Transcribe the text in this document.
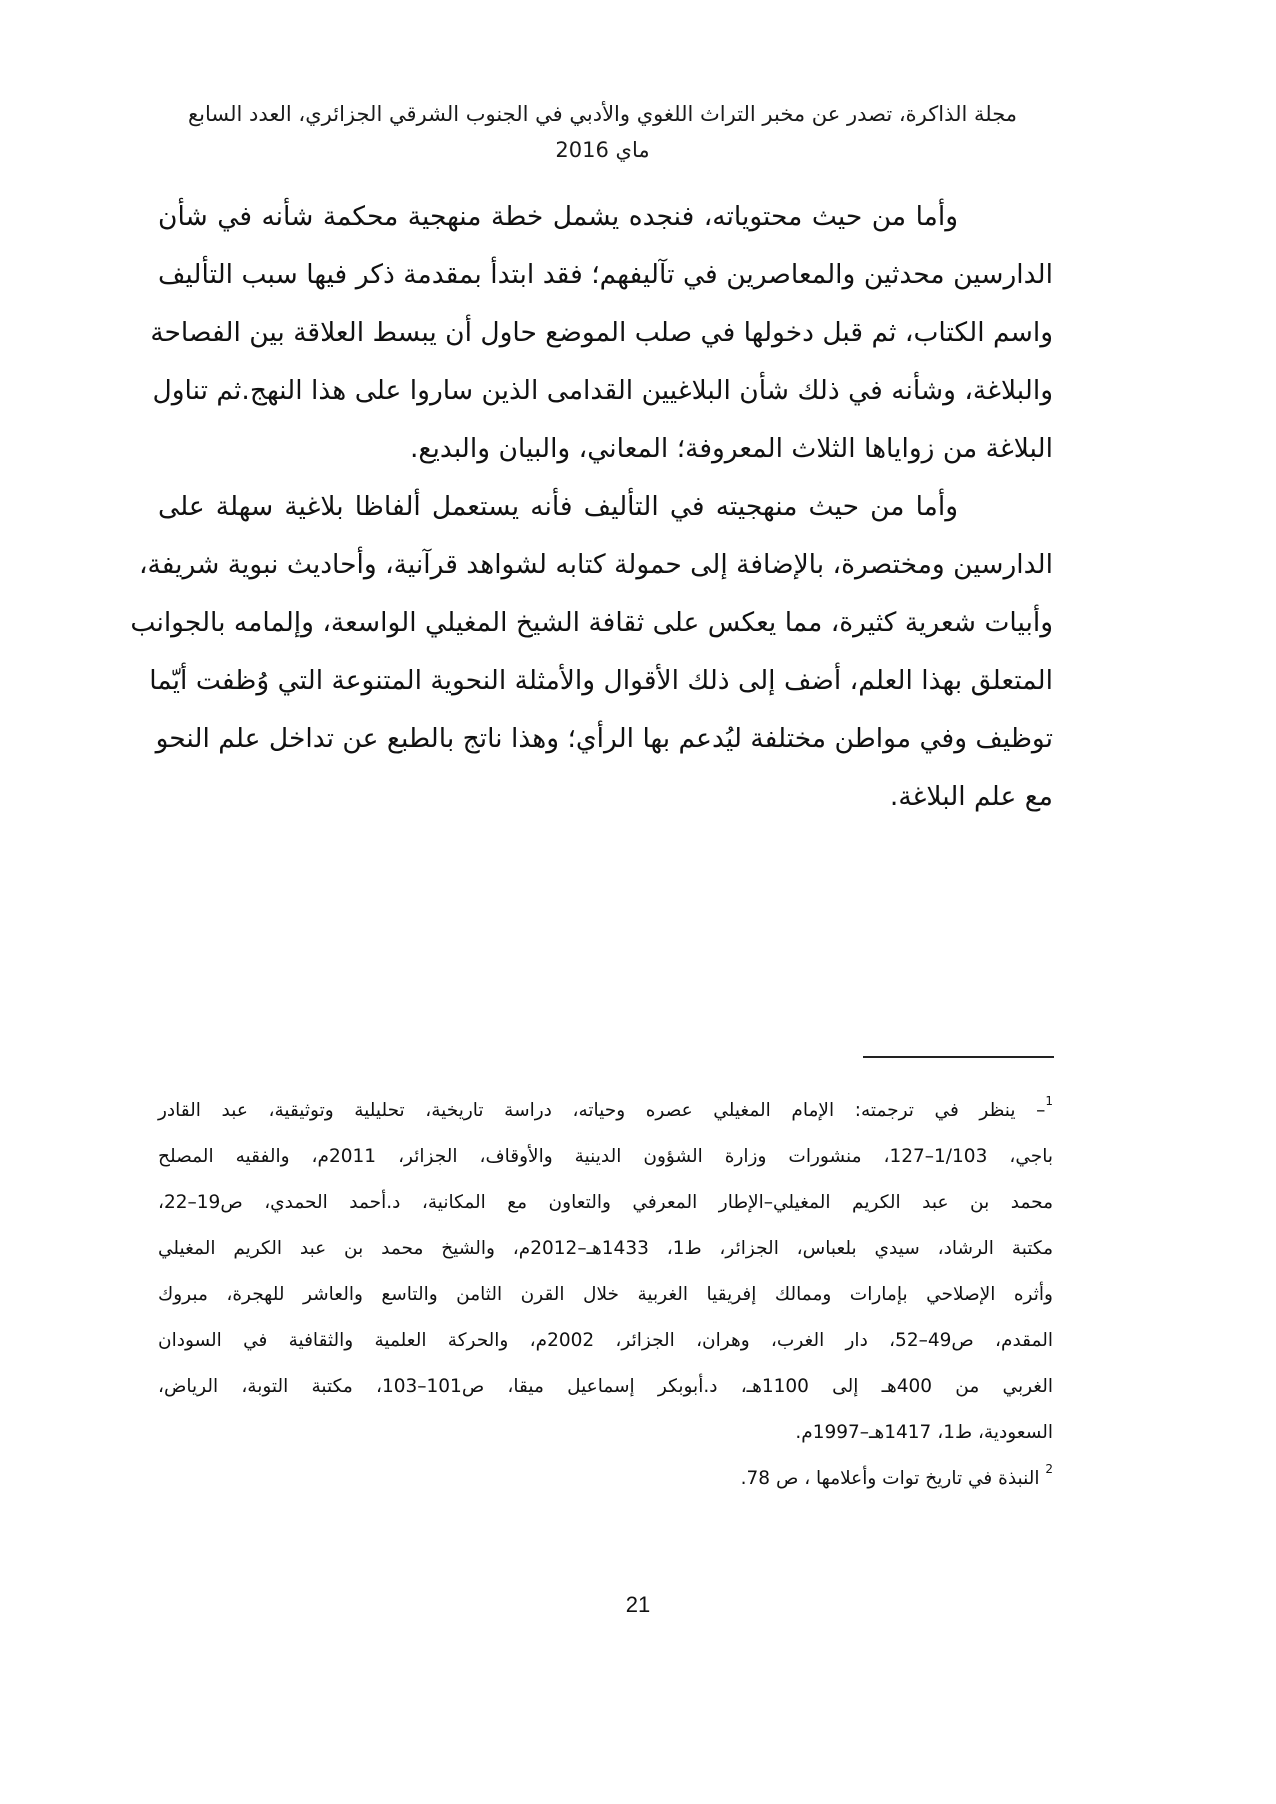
مجلة الذاكرة، تصدر عن مخبر التراث اللغوي والأدبي في الجنوب الشرقي الجزائري، العدد السابع
ماي 2016
وأما من حيث محتوياته، فنجده يشمل خطة منهجية محكمة شأنه في شأن
الدارسين محدثين والمعاصرين في تآليفهم؛ فقد ابتدأ بمقدمة ذكر فيها سبب التأليف
واسم الكتاب، ثم قبل دخولها في صلب الموضع حاول أن يبسط العلاقة بين الفصاحة
والبلاغة، وشأنه في ذلك شأن البلاغيين القدامى الذين ساروا على هذا النهج.ثم تناول
البلاغة من زواياها الثلاث المعروفة؛ المعاني، والبيان والبديع.
وأما من حيث منهجيته في التأليف فأنه يستعمل ألفاظا بلاغية سهلة على
الدارسين ومختصرة، بالإضافة إلى حمولة كتابه لشواهد قرآنية، وأحاديث نبوية شريفة،
وأبيات شعرية كثيرة، مما يعكس على ثقافة الشيخ المغيلي الواسعة، وإلمامه بالجوانب
المتعلق بهذا العلم، أضف إلى ذلك الأقوال والأمثلة النحوية المتنوعة التي وُظفت أيّما
توظيف وفي مواطن مختلفة ليُدعم بها الرأي؛ وهذا ناتج بالطبع عن تداخل علم النحو
مع علم البلاغة.
$^1$– ينظر في ترجمته: الإمام المغيلي عصره وحياته، دراسة تاريخية، تحليلية وتوثيقية، عبد القادر
باجي، 1/103–127، منشورات وزارة الشؤون الدينية والأوقاف، الجزائر، 2011م، والفقيه المصلح
محمد بن عبد الكريم المغيلي–الإطار المعرفي والتعاون مع المكانية، د.أحمد الحمدي، ص19–22،
مكتبة الرشاد، سيدي بلعباس، الجزائر، ط1، 1433هـ–2012م، والشيخ محمد بن عبد الكريم المغيلي
وأثره الإصلاحي بإمارات وممالك إفريقيا الغربية خلال القرن الثامن والتاسع والعاشر للهجرة، مبروك
المقدم، ص49–52، دار الغرب، وهران، الجزائر، 2002م، والحركة العلمية والثقافية في السودان
الغربي من 400هـ إلى 1100هـ، د.أبوبكر إسماعيل ميقا، ص101–103، مكتبة التوبة، الرياض،
السعودية، ط1، 1417هـ–1997م.
$^2$ النبذة في تاريخ توات وأعلامها ، ص 78.
21
